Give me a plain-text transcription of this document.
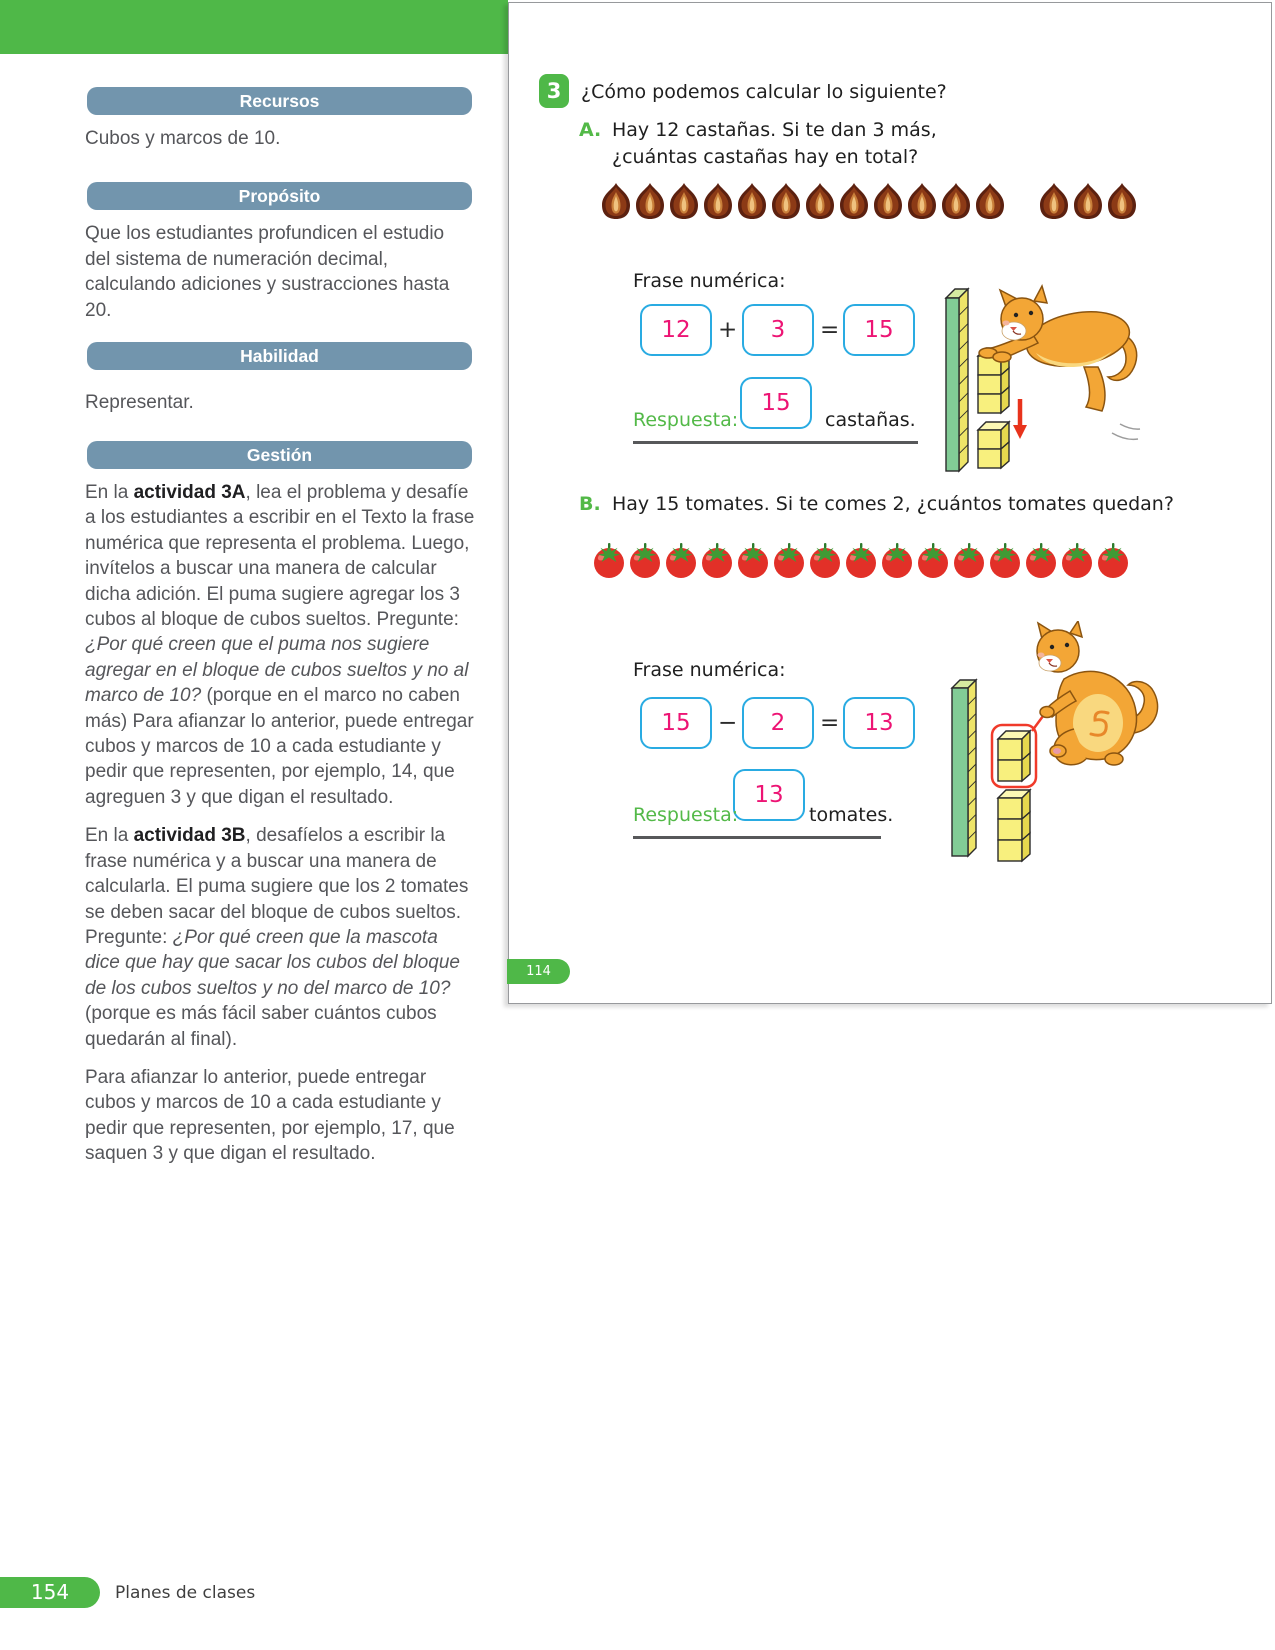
Recursos

Cubos y marcos de 10.

Propósito

Que los estudiantes profundicen el estudio del sistema de numeración decimal, calculando adiciones y sustracciones hasta 20.

Habilidad

Representar.

Gestión

En la actividad 3A, lea el problema y desafíe a los estudiantes a escribir en el Texto la frase numérica que representa el problema. Luego, invítelos a buscar una manera de calcular dicha adición. El puma sugiere agregar los 3 cubos al bloque de cubos sueltos. Pregunte: ¿Por qué creen que el puma nos sugiere agregar en el bloque de cubos sueltos y no al marco de 10? (porque en el marco no caben más) Para afianzar lo anterior, puede entregar cubos y marcos de 10 a cada estudiante y pedir que representen, por ejemplo, 14, que agreguen 3 y que digan el resultado.

En la actividad 3B, desafíelos a escribir la frase numérica y a buscar una manera de calcularla. El puma sugiere que los 2 tomates se deben sacar del bloque de cubos sueltos. Pregunte: ¿Por qué creen que la mascota dice que hay que sacar los cubos del bloque de los cubos sueltos y no del marco de 10? (porque es más fácil saber cuántos cubos quedarán al final).

Para afianzar lo anterior, puede entregar cubos y marcos de 10 a cada estudiante y pedir que representen, por ejemplo, 17, que saquen 3 y que digan el resultado.

3	¿Cómo podemos calcular lo siguiente?
A. Hay 12 castañas. Si te dan 3 más,
¿cuántas castañas hay en total?
Frase numérica:
12	+	3	=	15
15
Respuesta:	castañas.
B. Hay 15 tomates. Si te comes 2, ¿cuántos tomates quedan?
Frase numérica:
15	−	2	=	13
13
Respuesta:	tomates.
114
154	Planes de clases
